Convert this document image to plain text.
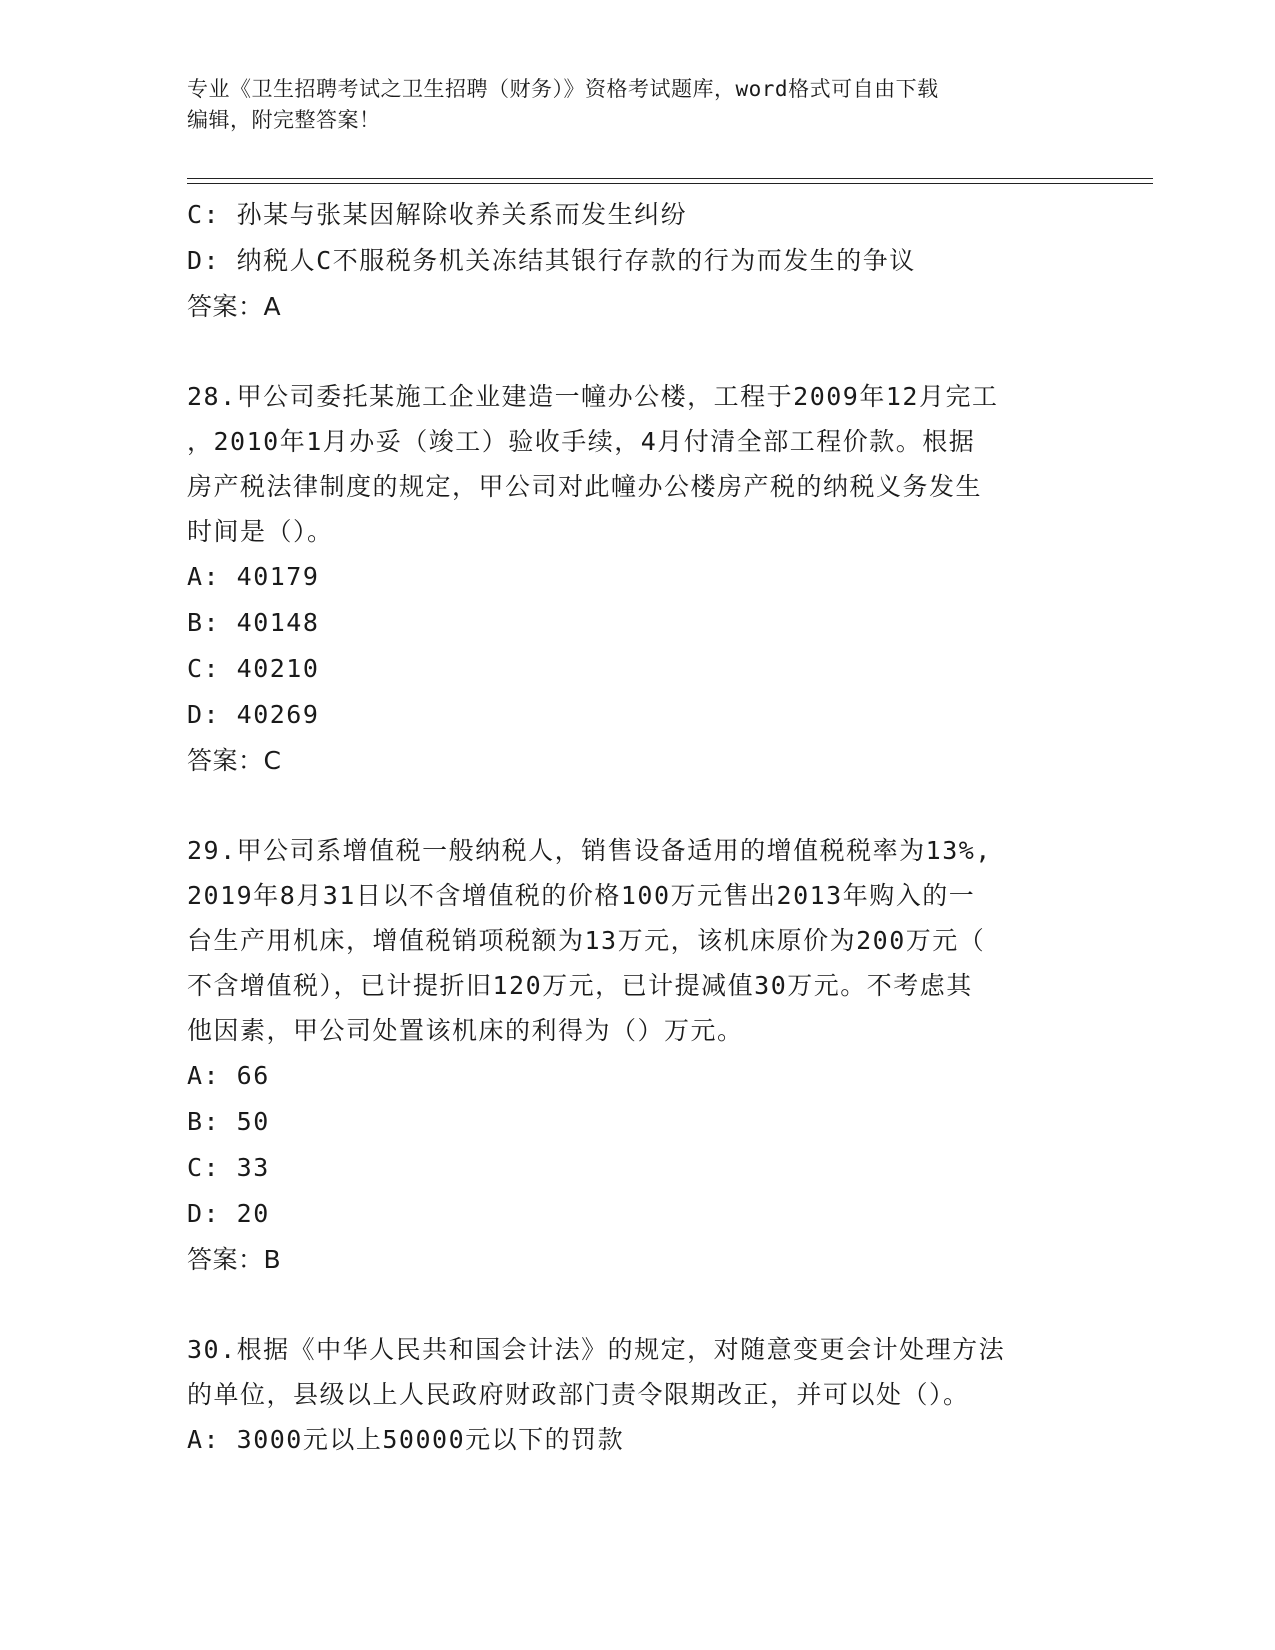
专业《卫生招聘考试之卫生招聘（财务）》资格考试题库，word格式可自由下载
编辑，附完整答案！
C: 孙某与张某因解除收养关系而发生纠纷
D: 纳税人C不服税务机关冻结其银行存款的行为而发生的争议
答案：A
28.甲公司委托某施工企业建造一幢办公楼，工程于2009年12月完工
，2010年1月办妥（竣工）验收手续，4月付清全部工程价款。根据
房产税法律制度的规定，甲公司对此幢办公楼房产税的纳税义务发生
时间是（）。
A: 40179
B: 40148
C: 40210
D: 40269
答案：C
29.甲公司系增值税一般纳税人，销售设备适用的增值税税率为13%,
2019年8月31日以不含增值税的价格100万元售出2013年购入的一
台生产用机床，增值税销项税额为13万元，该机床原价为200万元（
不含增值税），已计提折旧120万元，已计提减值30万元。不考虑其
他因素，甲公司处置该机床的利得为（）万元。
A: 66
B: 50
C: 33
D: 20
答案：B
30.根据《中华人民共和国会计法》的规定，对随意变更会计处理方法
的单位，县级以上人民政府财政部门责令限期改正，并可以处（）。
A: 3000元以上50000元以下的罚款
